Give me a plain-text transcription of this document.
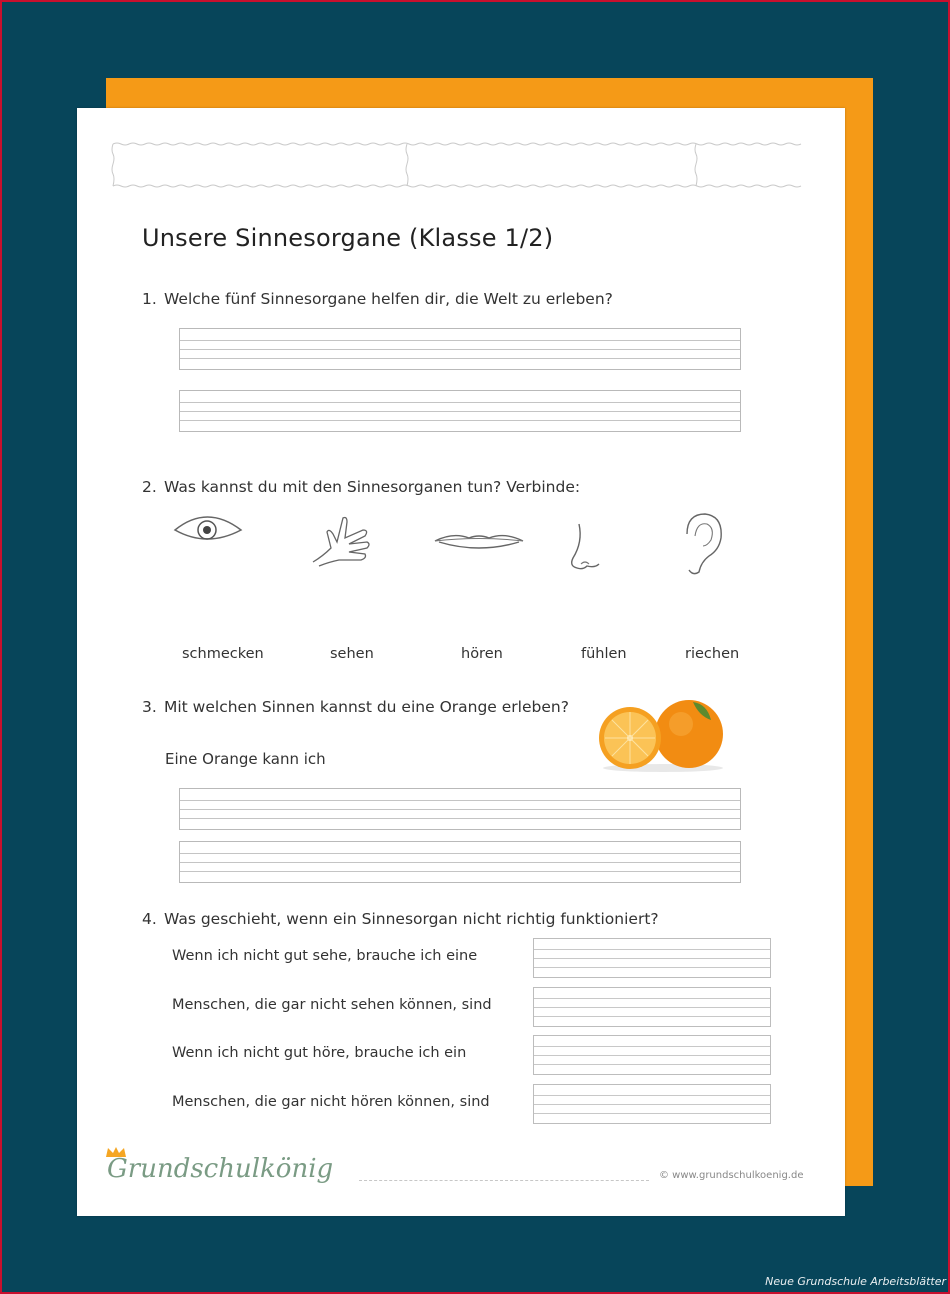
Unsere Sinnesorgane (Klasse 1/2)
1. Welche fünf Sinnesorgane helfen dir, die Welt zu erleben?
2. Was kannst du mit den Sinnesorganen tun? Verbinde:
schmecken	sehen	hören	fühlen	riechen
3. Mit welchen Sinnen kannst du eine Orange erleben?
Eine Orange kann ich
4. Was geschieht, wenn ein Sinnesorgan nicht richtig funktioniert?
Wenn ich nicht gut sehe, brauche ich eine
Menschen, die gar nicht sehen können, sind
Wenn ich nicht gut höre, brauche ich ein
Menschen, die gar nicht hören können, sind
Grundschulkönig	© www.grundschulkoenig.de
Neue Grundschule Arbeitsblätter
